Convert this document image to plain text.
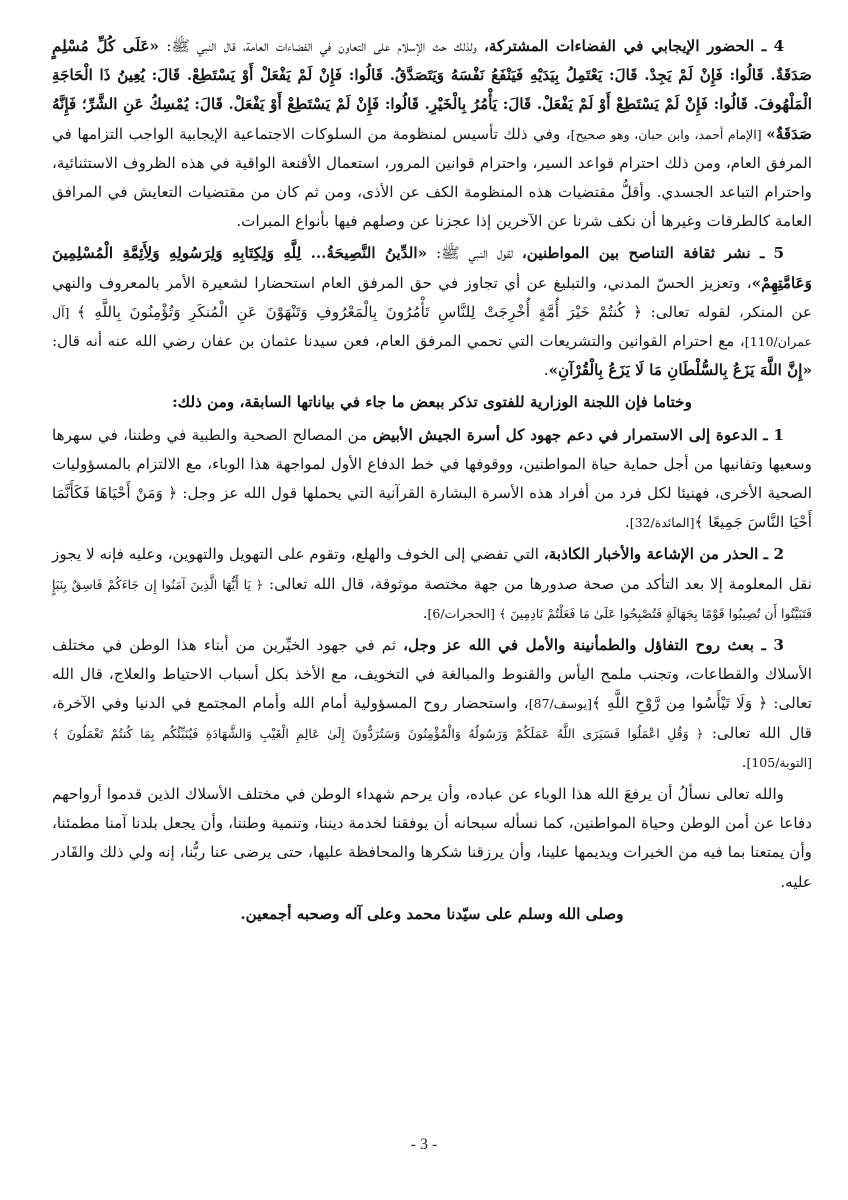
4 ـ الحضور الإيجابي في الفضاءات المشتركة، ولذلك حث الإسلام على التعاون في الفضاءات العامة، قال النبي ﷺ: «عَلَى كُلِّ مُسْلِمٍ صَدَقَةٌ. قَالُوا: فَإِنْ لَمْ يَجِدْ. قَالَ: يَعْتَمِلُ بِيَدَيْهِ فَيَنْفَعُ نَفْسَهُ وَيَتَصَدَّقُ. قَالُوا: فَإِنْ لَمْ يَفْعَلْ أَوْ يَسْتَطِعْ. قَالَ: يُعِينُ ذَا الْحَاجَةِ الْمَلْهُوفَ. قَالُوا: فَإِنْ لَمْ يَسْتَطِعْ أَوْ لَمْ يَفْعَلْ. قَالَ: يَأْمُرُ بِالْخَيْرِ. قَالُوا: فَإِنْ لَمْ يَسْتَطِعْ أَوْ يَفْعَلْ. قَالَ: يُمْسِكُ عَنِ الشَّرِّ؛ فَإِنَّهُ صَدَقَةٌ» [الإمام أحمد، وابن حبان، وهو صحيح]، وفي ذلك تأسيس لمنظومة من السلوكات الاجتماعية الإيجابية الواجب التزامها في المرفق العام، ومن ذلك احترام قواعد السير، واحترام قوانين المرور، استعمال الأقنعة الواقية في هذه الظروف الاستثنائية، واحترام التباعد الجسدي. وأقلُّ مقتضيات هذه المنظومة الكف عن الأذى، ومن ثم كان من مقتضيات التعايش في المرافق العامة كالطرقات وغيرها أن نكف شرنا عن الآخرين إذا عجزنا عن وصلهم فيها بأنواع المبرات.

5 ـ نشر ثقافة التناصح بين المواطنين، لقول النبي ﷺ: «الدِّينُ النَّصِيحَةُ... لِلَّهِ وَلِكِتَابِهِ وَلِرَسُولِهِ وَلِأَئِمَّةِ الْمُسْلِمِينَ وَعَامَّتِهِمْ»، وتعزيز الحسّ المدني، والتبليغ عن أي تجاوز في حق المرفق العام استحضارا لشعيرة الأمر بالمعروف والنهي عن المنكر، لقوله تعالى: ﴿ كُنتُمْ خَيْرَ أُمَّةٍ أُخْرِجَتْ لِلنَّاسِ تَأْمُرُونَ بِالْمَعْرُوفِ وَتَنْهَوْنَ عَنِ الْمُنكَرِ وَتُؤْمِنُونَ بِاللَّهِ ﴾ [آل عمران/110]، مع احترام القوانين والتشريعات التي تحمي المرفق العام، فعن سيدنا عثمان بن عفان رضي الله عنه أنه قال: «إِنَّ اللَّهَ يَزَعُ بِالسُّلْطَانِ مَا لَا يَزَعُ بِالْقُرْآنِ».

وختاما فإن اللجنة الوزارية للفتوى تذكر ببعض ما جاء في بياناتها السابقة، ومن ذلك:

1 ـ الدعوة إلى الاستمرار في دعم جهود كل أسرة الجيش الأبيض من المصالح الصحية والطبية في وطننا، في سهرها وسعيها وتفانيها من أجل حماية حياة المواطنين، ووقوفها في خط الدفاع الأول لمواجهة هذا الوباء، مع الالتزام بالمسؤوليات الصحية الأخرى، فهنيئا لكل فرد من أفراد هذه الأسرة البشارة القرآنية التي يحملها قول الله عز وجل: ﴿ وَمَنْ أَحْيَاهَا فَكَأَنَّمَا أَحْيَا النَّاسَ جَمِيعًا ﴾[المائدة/32].

2 ـ الحذر من الإشاعة والأخبار الكاذبة، التي تفضي إلى الخوف والهلع، وتقوم على التهويل والتهوين، وعليه فإنه لا يجوز نقل المعلومة إلا بعد التأكد من صحة صدورها من جهة مختصة موثوقة، قال الله تعالى: ﴿ يَا أَيُّهَا الَّذِينَ آمَنُوا إِن جَاءَكُمْ فَاسِقٌ بِنَبَإٍ فَتَبَيَّنُوا أَن تُصِيبُوا قَوْمًا بِجَهَالَةٍ فَتُصْبِحُوا عَلَىٰ مَا فَعَلْتُمْ نَادِمِينَ ﴾ [الحجرات/6].

3 ـ بعث روح التفاؤل والطمأنينة والأمل في الله عز وجل، ثم في جهود الخيِّرين من أبناء هذا الوطن في مختلف الأسلاك والقطاعات، وتجنب ملمح اليأس والقنوط والمبالغة في التخويف، مع الأخذ بكل أسباب الاحتياط والعلاج، قال الله تعالى: ﴿ وَلَا تَيْأَسُوا مِن رَّوْحِ اللَّهِ ﴾[يوسف/87]، واستحضار روح المسؤولية أمام الله وأمام المجتمع في الدنيا وفي الآخرة، قال الله تعالى: ﴿ وَقُلِ اعْمَلُوا فَسَيَرَى اللَّهُ عَمَلَكُمْ وَرَسُولُهُ وَالْمُؤْمِنُونَ وَسَتُرَدُّونَ إِلَىٰ عَالِمِ الْغَيْبِ وَالشَّهَادَةِ فَيُنَبِّئُكُم بِمَا كُنتُمْ تَعْمَلُونَ ﴾ [التوبة/105].

والله تعالى نسألُ أن يرفعَ الله هذا الوباء عن عباده، وأن يرحم شهداء الوطن في مختلف الأسلاك الذين قدموا أرواحهم دفاعا عن أمن الوطن وحياة المواطنين، كما نسأله سبحانه أن يوفقنا لخدمة ديننا، وتنمية وطننا، وأن يجعل بلدنا آمنا مطمئنا، وأن يمتعنا بما فيه من الخيرات ويديمها علينا، وأن يرزقنا شكرها والمحافظة عليها، حتى يرضى عنا ربُّنا، إنه ولي ذلك والقَادر عليه.

وصلى الله وسلم على سيّدنا محمد وعلى آله وصحبه أجمعين.

- 3 -
